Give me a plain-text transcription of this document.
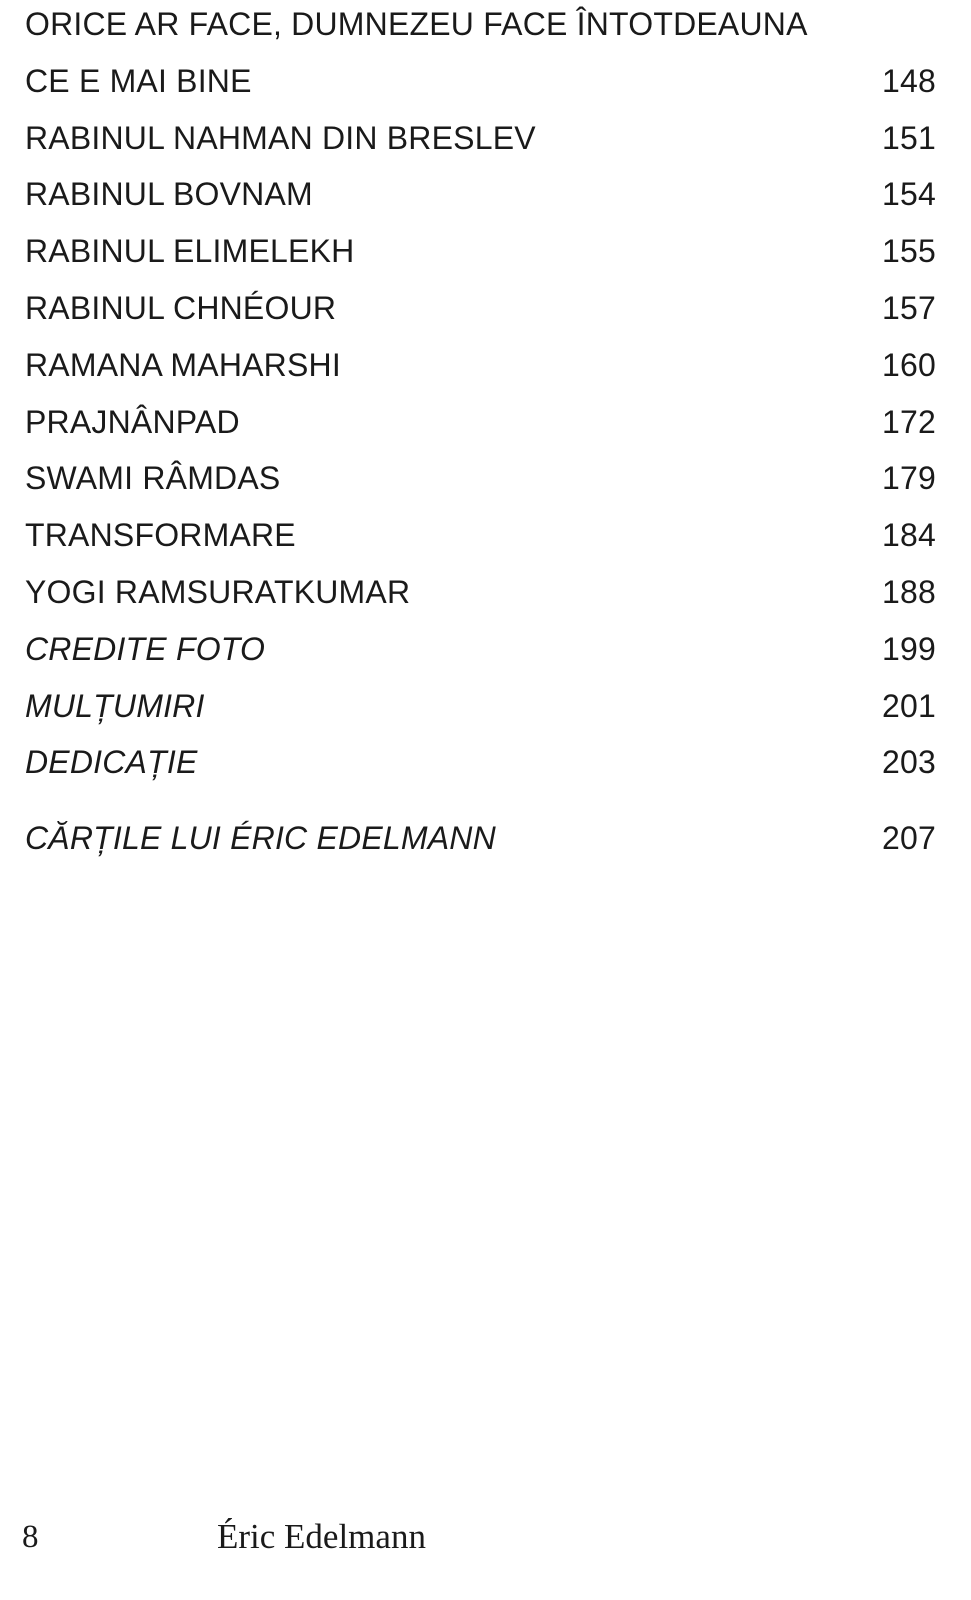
ORICE AR FACE, DUMNEZEU FACE ÎNTOTDEAUNA
CE E MAI BINE	148
RABINUL NAHMAN DIN BRESLEV	151
RABINUL BOVNAM	154
RABINUL ELIMELEKH	155
RABINUL CHNÉOUR	157
RAMANA MAHARSHI	160
PRAJNÂNPAD	172
SWAMI RÂMDAS	179
TRANSFORMARE	184
YOGI RAMSURATKUMAR	188
CREDITE FOTO	199
MULȚUMIRI	201
DEDICAȚIE	203
CĂRȚILE LUI ÉRIC EDELMANN	207
8	Éric Edelmann
